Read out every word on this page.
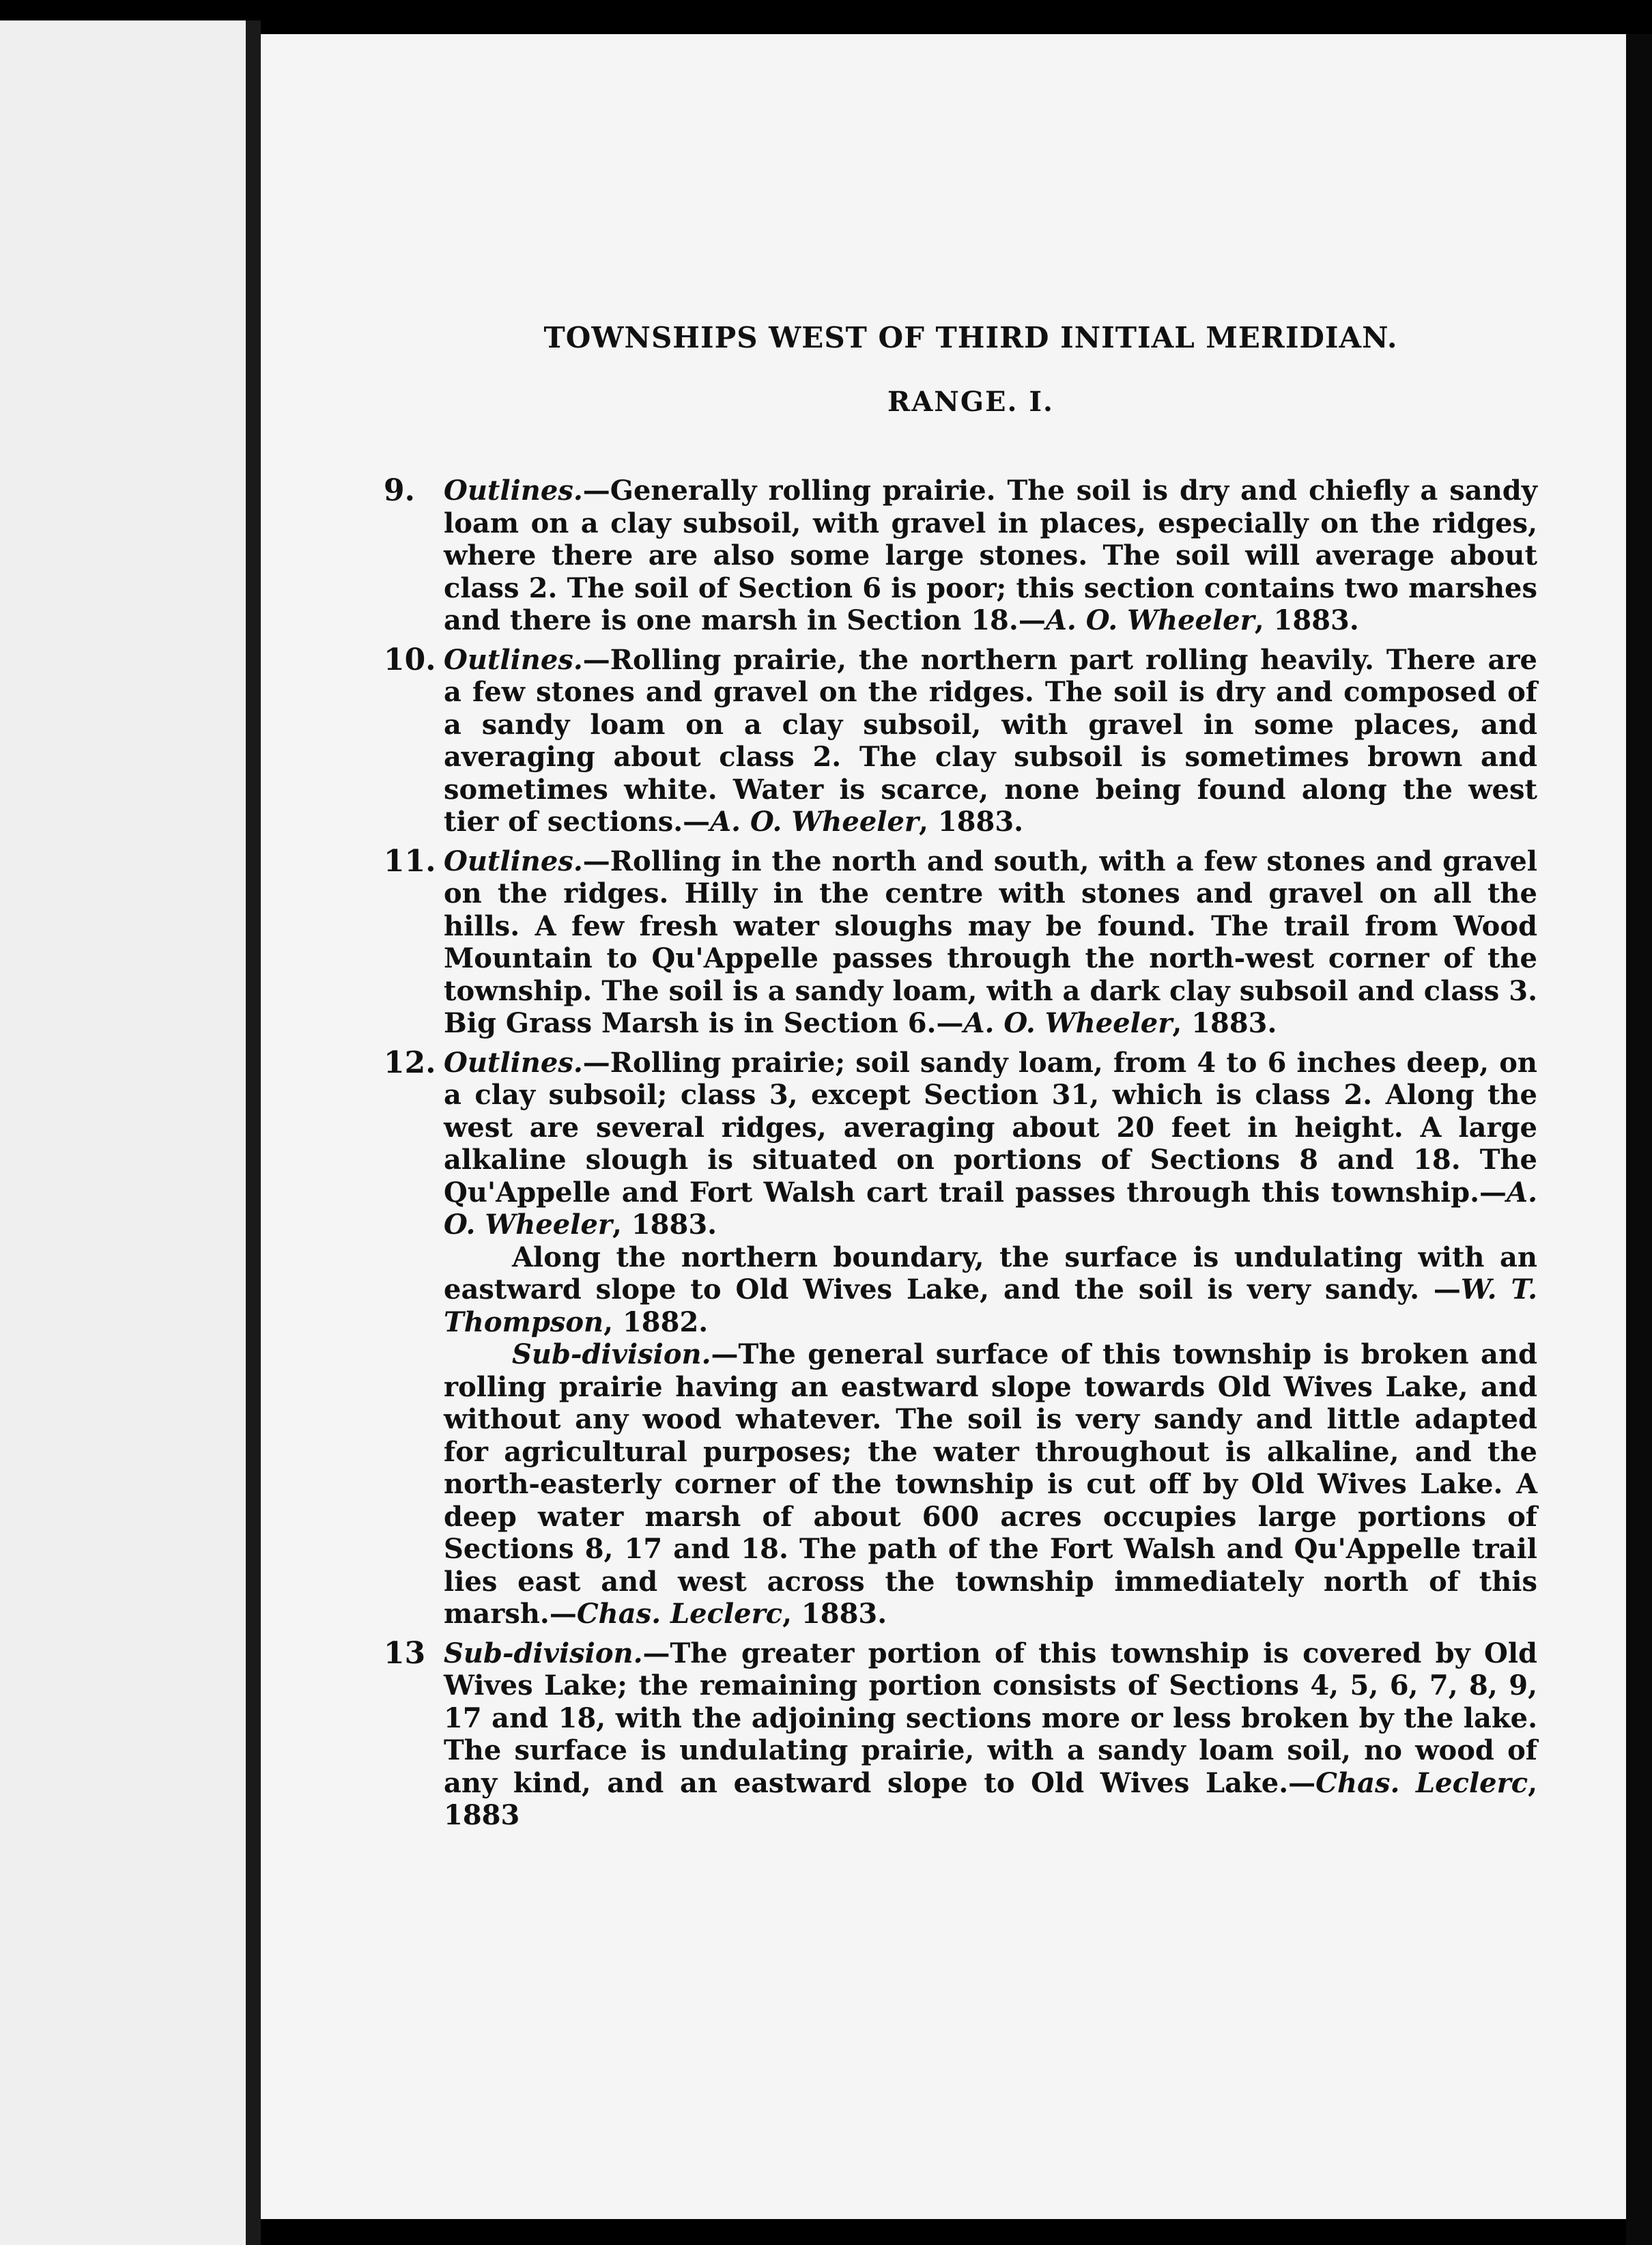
TOWNSHIPS WEST OF THIRD INITIAL MERIDIAN.
RANGE. I.
9. Outlines.—Generally rolling prairie. The soil is dry and chiefly a sandy loam on a clay subsoil, with gravel in places, especially on the ridges, where there are also some large stones. The soil will average about class 2. The soil of Section 6 is poor; this section contains two marshes and there is one marsh in Section 18.—A. O. Wheeler, 1883.
10. Outlines.—Rolling prairie, the northern part rolling heavily. There are a few stones and gravel on the ridges. The soil is dry and composed of a sandy loam on a clay subsoil, with gravel in some places, and averaging about class 2. The clay subsoil is sometimes brown and sometimes white. Water is scarce, none being found along the west tier of sections.—A. O. Wheeler, 1883.
11. Outlines.—Rolling in the north and south, with a few stones and gravel on the ridges. Hilly in the centre with stones and gravel on all the hills. A few fresh water sloughs may be found. The trail from Wood Mountain to Qu'Appelle passes through the north-west corner of the township. The soil is a sandy loam, with a dark clay subsoil and class 3. Big Grass Marsh is in Section 6.—A. O. Wheeler, 1883.
12. Outlines.—Rolling prairie; soil sandy loam, from 4 to 6 inches deep, on a clay subsoil; class 3, except Section 31, which is class 2. Along the west are several ridges, averaging about 20 feet in height. A large alkaline slough is situated on portions of Sections 8 and 18. The Qu'Appelle and Fort Walsh cart trail passes through this township.—A. O. Wheeler, 1883.
Along the northern boundary, the surface is undulating with an eastward slope to Old Wives Lake, and the soil is very sandy. —W. T. Thompson, 1882.
Sub-division.—The general surface of this township is broken and rolling prairie having an eastward slope towards Old Wives Lake, and without any wood whatever. The soil is very sandy and little adapted for agricultural purposes; the water throughout is alkaline, and the north-easterly corner of the township is cut off by Old Wives Lake. A deep water marsh of about 600 acres occupies large portions of Sections 8, 17 and 18. The path of the Fort Walsh and Qu'Appelle trail lies east and west across the township immediately north of this marsh.—Chas. Leclerc, 1883.
13 Sub-division.—The greater portion of this township is covered by Old Wives Lake; the remaining portion consists of Sections 4, 5, 6, 7, 8, 9, 17 and 18, with the adjoining sections more or less broken by the lake. The surface is undulating prairie, with a sandy loam soil, no wood of any kind, and an eastward slope to Old Wives Lake.—Chas. Leclerc, 1883
